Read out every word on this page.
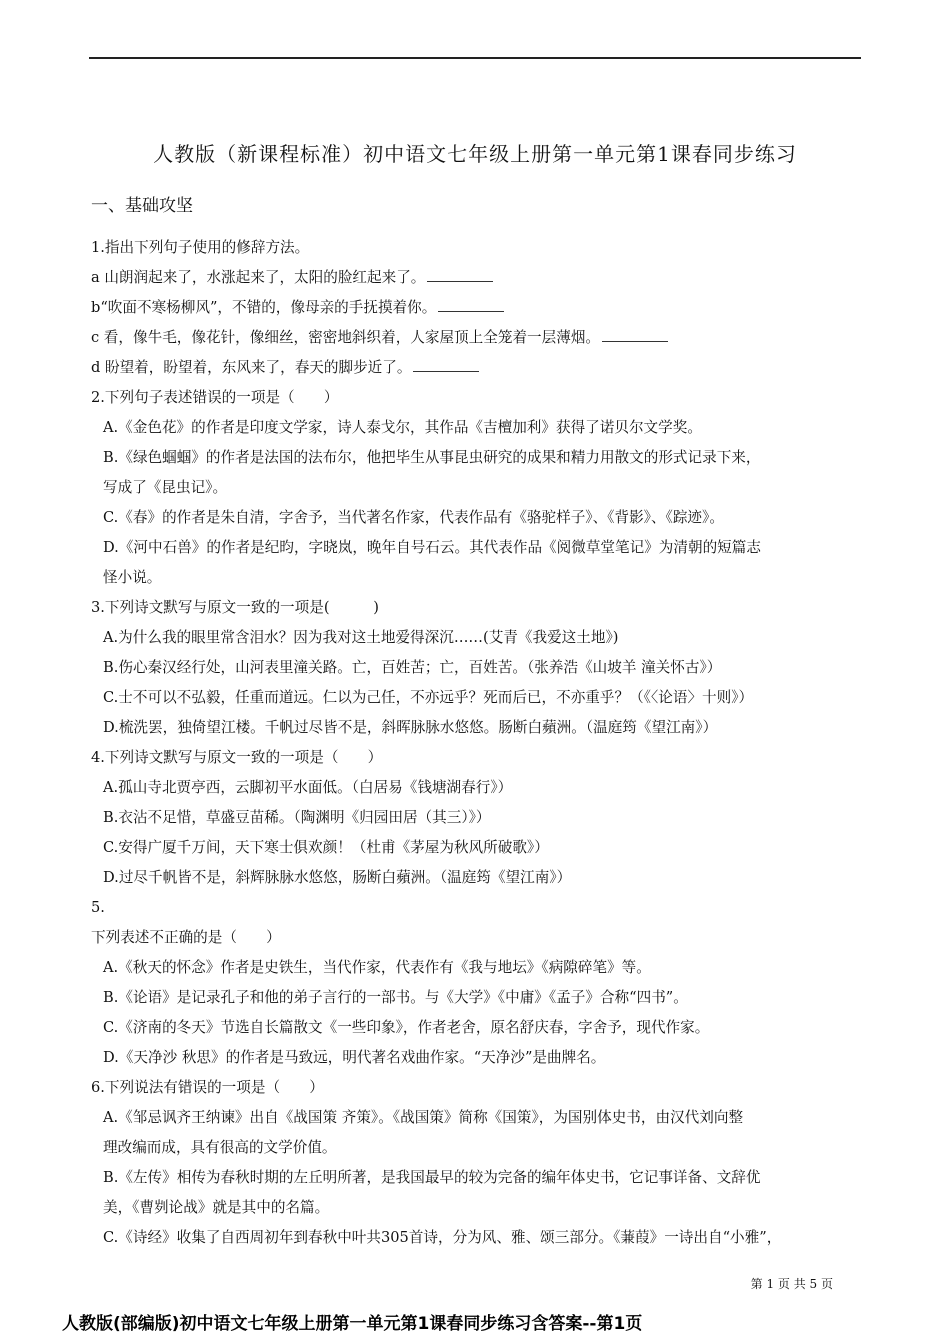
人教版（新课程标准）初中语文七年级上册第一单元第1课春同步练习
一、基础攻坚
1.指出下列句子使用的修辞方法。
a 山朗润起来了，水涨起来了，太阳的脸红起来了。
b“吹面不寒杨柳风”，不错的，像母亲的手抚摸着你。
c 看，像牛毛，像花针，像细丝，密密地斜织着，人家屋顶上全笼着一层薄烟。
d 盼望着，盼望着，东风来了，春天的脚步近了。
2.下列句子表述错误的一项是（　　）
A.《金色花》的作者是印度文学家，诗人泰戈尔，其作品《吉檀加利》获得了诺贝尔文学奖。
B.《绿色蝈蝈》的作者是法国的法布尔，他把毕生从事昆虫研究的成果和精力用散文的形式记录下来，
写成了《昆虫记》。
C.《春》的作者是朱自清，字舍予，当代著名作家，代表作品有《骆驼样子》、《背影》、《踪迹》。
D.《河中石兽》的作者是纪昀，字晓岚，晚年自号石云。其代表作品《阅微草堂笔记》为清朝的短篇志
怪小说。
3.下列诗文默写与原文一致的一项是(　　　)
A.为什么我的眼里常含泪水？因为我对这土地爱得深沉……(艾青《我爱这土地》)
B.伤心秦汉经行处，山河表里潼关路。亡，百姓苦；亡，百姓苦。（张养浩《山坡羊 潼关怀古》）
C.士不可以不弘毅，任重而道远。仁以为己任，不亦远乎？死而后已，不亦重乎？（《〈论语〉十则》）
D.梳洗罢，独倚望江楼。千帆过尽皆不是，斜晖脉脉水悠悠。肠断白蘋洲。（温庭筠《望江南》）
4.下列诗文默写与原文一致的一项是（　　）
A.孤山寺北贾亭西，云脚初平水面低。（白居易《钱塘湖春行》）
B.衣沾不足惜，草盛豆苗稀。（陶渊明《归园田居（其三）》）
C.安得广厦千万间，天下寒士俱欢颜！（杜甫《茅屋为秋风所破歌》）
D.过尽千帆皆不是，斜辉脉脉水悠悠，肠断白蘋洲。（温庭筠《望江南》）
5.
下列表述不正确的是（　　）
A.《秋天的怀念》作者是史铁生，当代作家，代表作有《我与地坛》《病隙碎笔》等。
B.《论语》是记录孔子和他的弟子言行的一部书。与《大学》《中庸》《孟子》合称“四书”。
C.《济南的冬天》节选自长篇散文《一些印象》，作者老舍，原名舒庆春，字舍予，现代作家。
D.《天净沙 秋思》的作者是马致远，明代著名戏曲作家。“天净沙”是曲牌名。
6.下列说法有错误的一项是（　　）
A.《邹忌讽齐王纳谏》出自《战国策 齐策》。《战国策》简称《国策》，为国别体史书，由汉代刘向整
理改编而成，具有很高的文学价值。
B.《左传》相传为春秋时期的左丘明所著，是我国最早的较为完备的编年体史书，它记事详备、文辞优
美，《曹刿论战》就是其中的名篇。
C.《诗经》收集了自西周初年到春秋中叶共305首诗，分为风、雅、颂三部分。《蒹葭》一诗出自“小雅”，
第 1 页 共 5 页
人教版(部编版)初中语文七年级上册第一单元第1课春同步练习含答案--第1页
